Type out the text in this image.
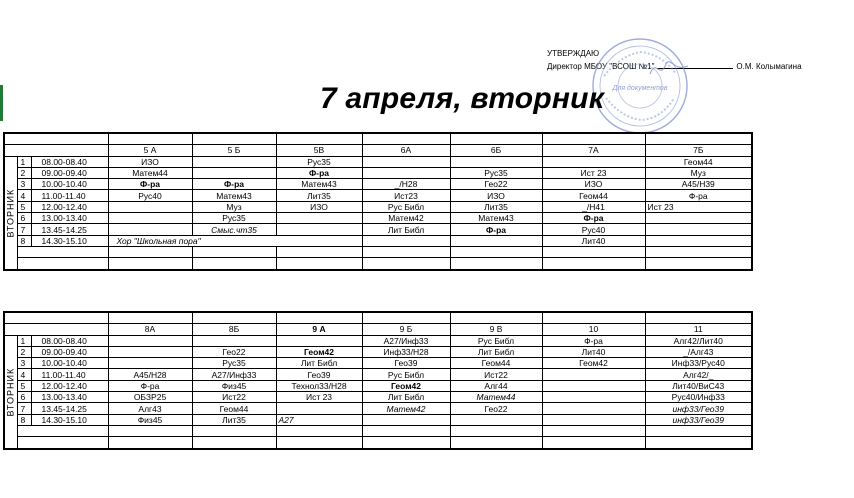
УТВЕРЖДАЮ
Директор МБОУ "ВСОШ №1"	О.М. Колымагина
Для документов
7 апреля, вторник

			5 А	5 Б	5В	6А	6Б	7А	7Б
ВТОРНИК	1	08.00-08.40	ИЗО		Рус35				Геом44
	2	09.00-09.40	Матем44		Ф-ра		Рус35	Ист 23	Муз
	3	10.00-10.40	Ф-ра	Ф-ра	Матем43	_/Н28	Гео22	ИЗО	А45/Н39
	4	11.00-11.40	Рус40	Матем43	Лит35	Ист23	ИЗО	Геом44	Ф-ра
	5	12.00-12.40		Муз	ИЗО	Рус Библ	Лит35	_/Н41	Ист 23
	6	13.00-13.40		Рус35		Матем42	Матем43	Ф-ра	
	7	13.45-14.25		Смыс.чт35		Лит Библ	Ф-ра	Рус40	
	8	14.30-15.10	Хор "Школьная пора"					Лит40	

			8А	8Б	9 А	9 Б	9 В	10	11
ВТОРНИК	1	08.00-08.40				А27/Инф33	Рус Библ	Ф-ра	Алг42/Лит40
	2	09.00-09.40		Гео22	Геом42	Инф33/Н28	Лит Библ	Лит40	_/Алг43
	3	10.00-10.40		Рус35	Лит Библ	Гео39	Геом44	Геом42	Инф33/Рус40
	4	11.00-11.40	А45/Н28	А27/Инф33	Гео39	Рус Библ	Ист22		Алг42/_
	5	12.00-12.40	Ф-ра	Физ45	Технол33/Н28	Геом42	Алг44		Лит40/ВиС43
	6	13.00-13.40	ОБЗР25	Ист22	Ист 23	Лит Библ	Матем44		Рус40/Инф33
	7	13.45-14.25	Алг43	Геом44		Матем42	Гео22		инф33/Гео39
	8	14.30-15.10	Физ45	Лит35	А27				инф33/Гео39
